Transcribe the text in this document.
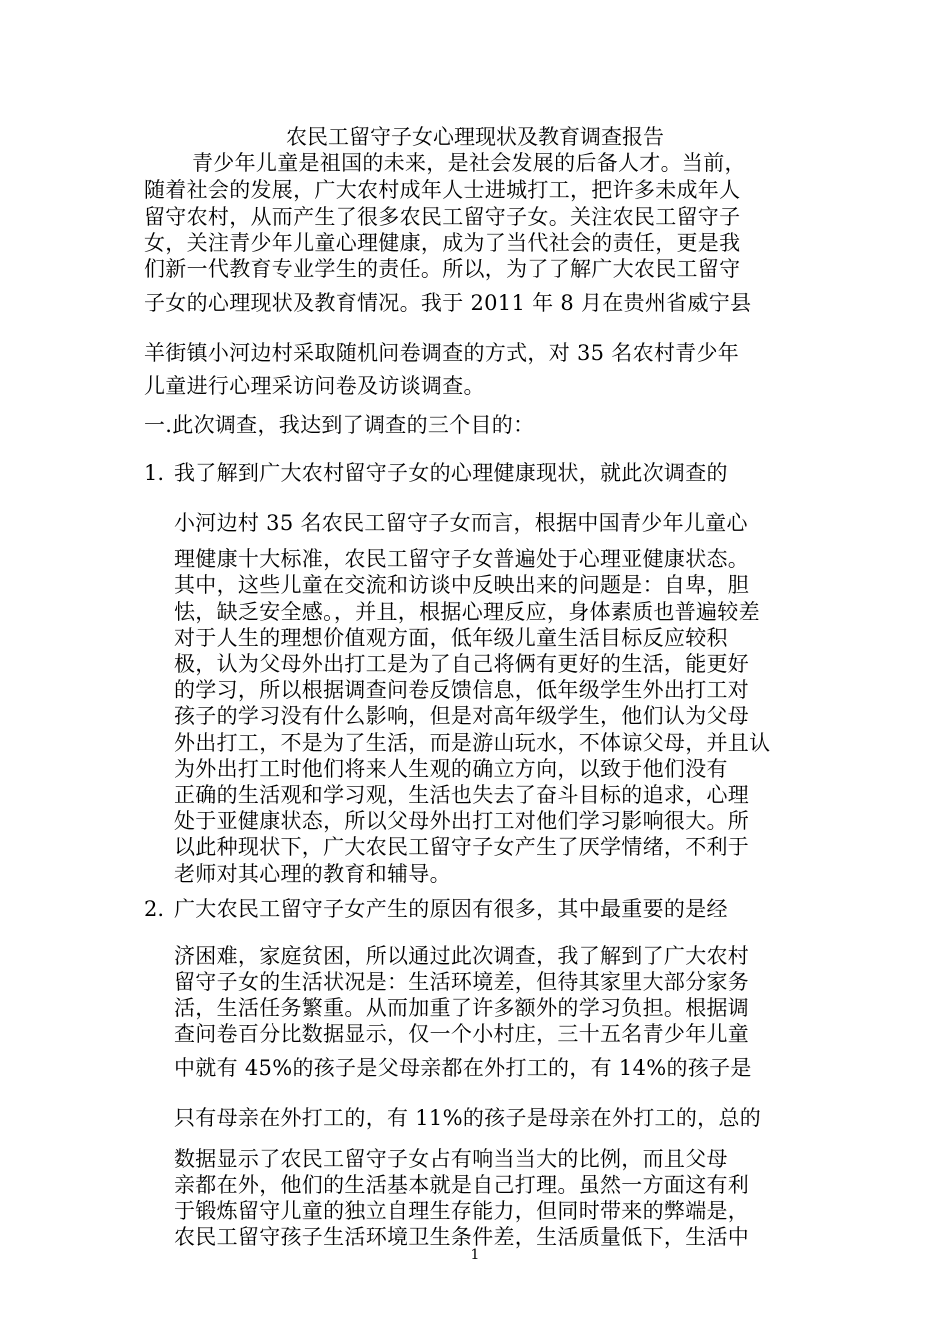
农民工留守子女心理现状及教育调查报告
青少年儿童是祖国的未来，是社会发展的后备人才。当前，
随着社会的发展，广大农村成年人士进城打工，把许多未成年人
留守农村，从而产生了很多农民工留守子女。关注农民工留守子
女，关注青少年儿童心理健康，成为了当代社会的责任，更是我
们新一代教育专业学生的责任。所以，为了了解广大农民工留守
子女的心理现状及教育情况。我于 2011 年 8 月在贵州省威宁县
羊街镇小河边村采取随机问卷调查的方式，对 35 名农村青少年
儿童进行心理采访问卷及访谈调查。
一.此次调查，我达到了调查的三个目的：
1. 我了解到广大农村留守子女的心理健康现状，就此次调查的
小河边村 35 名农民工留守子女而言，根据中国青少年儿童心
理健康十大标准，农民工留守子女普遍处于心理亚健康状态。
其中，这些儿童在交流和访谈中反映出来的问题是：自卑，胆
怯，缺乏安全感。，并且，根据心理反应，身体素质也普遍较差
对于人生的理想价值观方面，低年级儿童生活目标反应较积
极，认为父母外出打工是为了自己将俩有更好的生活，能更好
的学习，所以根据调查问卷反馈信息，低年级学生外出打工对
孩子的学习没有什么影响，但是对高年级学生，他们认为父母
外出打工，不是为了生活，而是游山玩水，不体谅父母，并且认
为外出打工时他们将来人生观的确立方向，以致于他们没有
正确的生活观和学习观，生活也失去了奋斗目标的追求，心理
处于亚健康状态，所以父母外出打工对他们学习影响很大。所
以此种现状下，广大农民工留守子女产生了厌学情绪，不利于
老师对其心理的教育和辅导。
2. 广大农民工留守子女产生的原因有很多，其中最重要的是经
济困难，家庭贫困，所以通过此次调查，我了解到了广大农村
留守子女的生活状况是：生活环境差，但待其家里大部分家务
活，生活任务繁重。从而加重了许多额外的学习负担。根据调
查问卷百分比数据显示，仅一个小村庄，三十五名青少年儿童
中就有 45%的孩子是父母亲都在外打工的，有 14%的孩子是
只有母亲在外打工的，有 11%的孩子是母亲在外打工的，总的
数据显示了农民工留守子女占有响当当大的比例，而且父母
亲都在外，他们的生活基本就是自己打理。虽然一方面这有利
于锻炼留守儿童的独立自理生存能力，但同时带来的弊端是，
农民工留守孩子生活环境卫生条件差，生活质量低下，生活中
1
